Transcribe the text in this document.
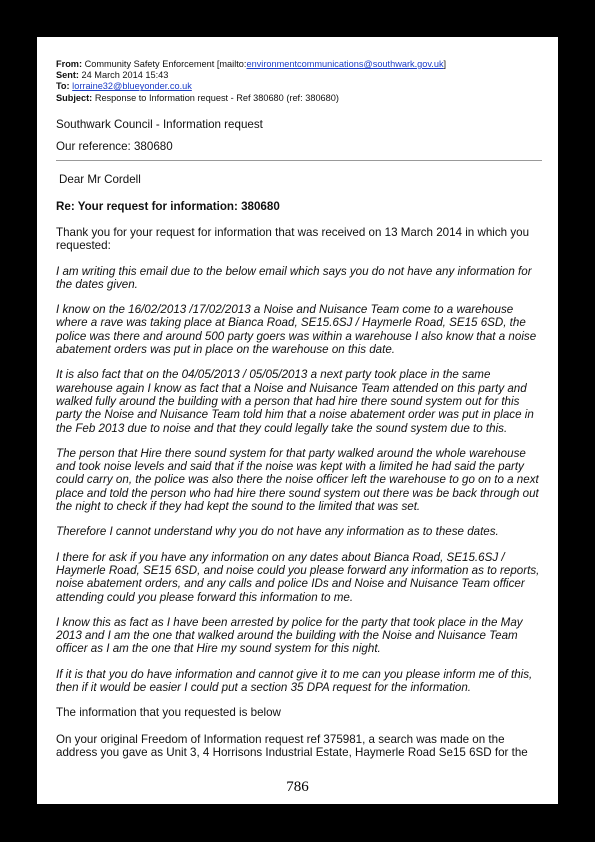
From: Community Safety Enforcement [mailto:environmentcommunications@southwark.gov.uk]
Sent: 24 March 2014 15:43
To: lorraine32@blueyonder.co.uk
Subject: Response to Information request - Ref 380680 (ref: 380680)

Southwark Council - Information request

Our reference: 380680

Dear Mr Cordell

Re: Your request for information: 380680

Thank you for your request for information that was received on 13 March 2014 in which you requested:

I am writing this email due to the below email which says you do not have any information for the dates given.

I know on the 16/02/2013 /17/02/2013 a Noise and Nuisance Team come to a warehouse where a rave was taking place at Bianca Road, SE15.6SJ / Haymerle Road, SE15 6SD, the police was there and around 500 party goers was within a warehouse I also know that a noise abatement orders was put in place on the warehouse on this date.

It is also fact that on the 04/05/2013 / 05/05/2013 a next party took place in the same warehouse again I know as fact that a Noise and Nuisance Team attended on this party and walked fully around the building with a person that had hire there sound system out for this party the Noise and Nuisance Team told him that a noise abatement order was put in place in the Feb 2013 due to noise and that they could legally take the sound system due to this.

The person that Hire there sound system for that party walked around the whole warehouse and took noise levels and said that if the noise was kept with a limited he had said the party could carry on, the police was also there the noise officer left the warehouse to go on to a next place and told the person who had hire there sound system out there was be back through out the night to check if they had kept the sound to the limited that was set.

Therefore I cannot understand why you do not have any information as to these dates.

I there for ask if you have any information on any dates about Bianca Road, SE15.6SJ / Haymerle Road, SE15 6SD, and noise could you please forward any information as to reports, noise abatement orders, and any calls and police IDs and Noise and Nuisance Team officer attending could you please forward this information to me.

I know this as fact as I have been arrested by police for the party that took place in the May 2013 and I am the one that walked around the building with the Noise and Nuisance Team officer as I am the one that Hire my sound system for this night.

If it is that you do have information and cannot give it to me can you please inform me of this, then if it would be easier I could put a section 35 DPA request for the information.

The information that you requested is below

On your original Freedom of Information request ref 375981, a search was made on the address you gave as Unit 3, 4 Horrisons Industrial Estate, Haymerle Road Se15 6SD for the

786
